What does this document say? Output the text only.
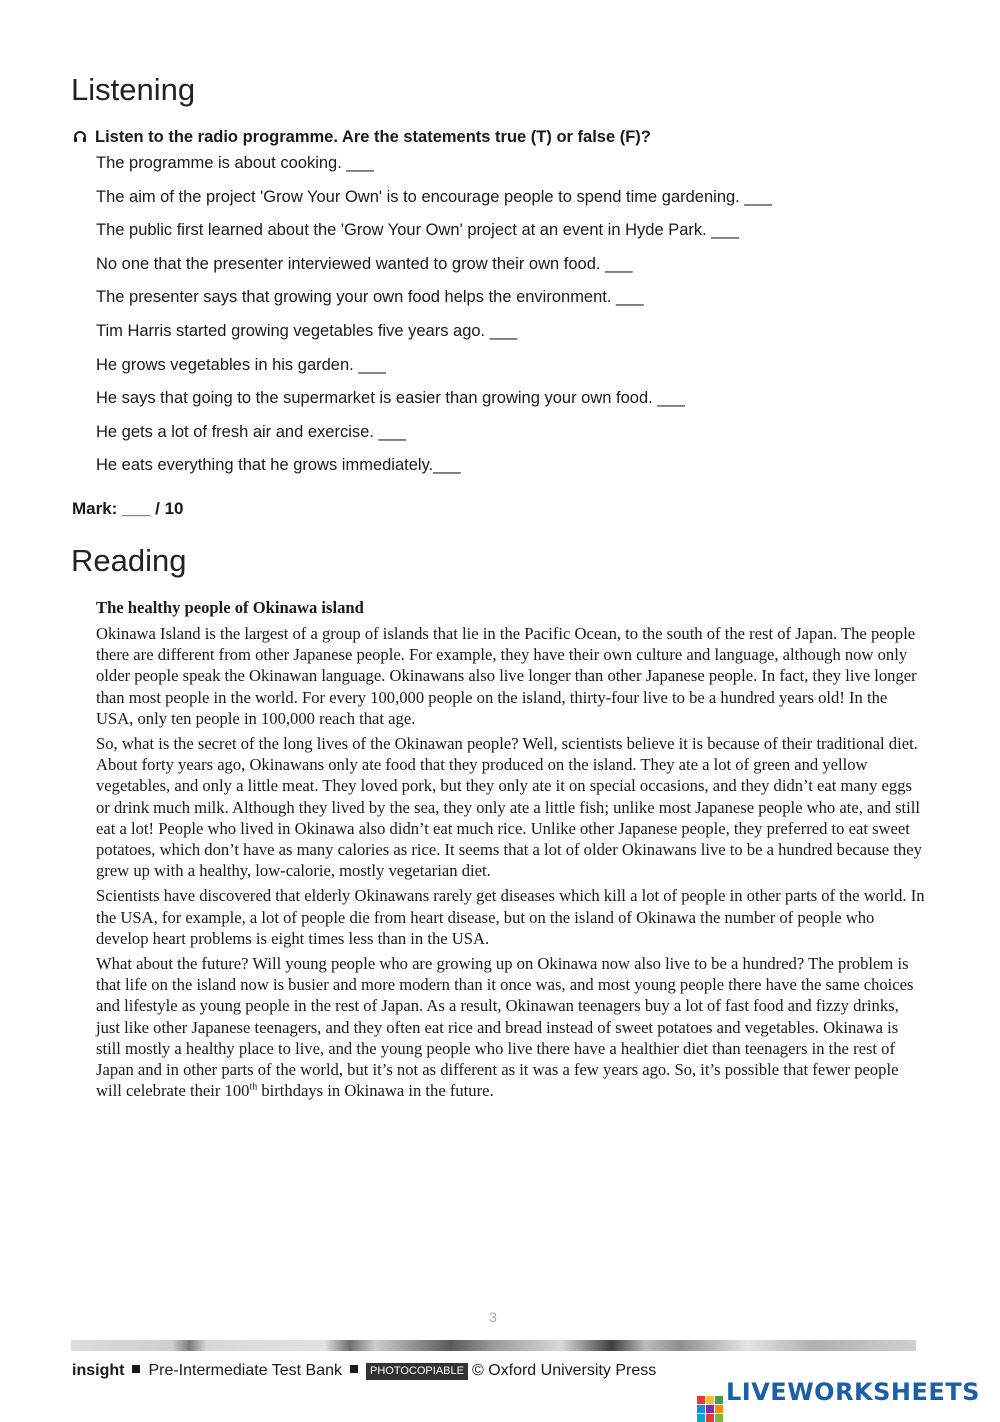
Listening
Listen to the radio programme. Are the statements true (T) or false (F)?
The programme is about cooking. ___
The aim of the project 'Grow Your Own' is to encourage people to spend time gardening. ___
The public first learned about the 'Grow Your Own' project at an event in Hyde Park. ___
No one that the presenter interviewed wanted to grow their own food. ___
The presenter says that growing your own food helps the environment. ___
Tim Harris started growing vegetables five years ago. ___
He grows vegetables in his garden. ___
He says that going to the supermarket is easier than growing your own food. ___
He gets a lot of fresh air and exercise. ___
He eats everything that he grows immediately.___
Mark: ___ / 10
Reading
The healthy people of Okinawa island

Okinawa Island is the largest of a group of islands that lie in the Pacific Ocean, to the south of the rest of Japan. The people there are different from other Japanese people. For example, they have their own culture and language, although now only older people speak the Okinawan language. Okinawans also live longer than other Japanese people. In fact, they live longer than most people in the world. For every 100,000 people on the island, thirty-four live to be a hundred years old! In the USA, only ten people in 100,000 reach that age.

So, what is the secret of the long lives of the Okinawan people? Well, scientists believe it is because of their traditional diet. About forty years ago, Okinawans only ate food that they produced on the island. They ate a lot of green and yellow vegetables, and only a little meat. They loved pork, but they only ate it on special occasions, and they didn’t eat many eggs or drink much milk. Although they lived by the sea, they only ate a little fish; unlike most Japanese people who ate, and still eat a lot! People who lived in Okinawa also didn’t eat much rice. Unlike other Japanese people, they preferred to eat sweet potatoes, which don’t have as many calories as rice. It seems that a lot of older Okinawans live to be a hundred because they grew up with a healthy, low-calorie, mostly vegetarian diet.

Scientists have discovered that elderly Okinawans rarely get diseases which kill a lot of people in other parts of the world. In the USA, for example, a lot of people die from heart disease, but on the island of Okinawa the number of people who develop heart problems is eight times less than in the USA.

What about the future? Will young people who are growing up on Okinawa now also live to be a hundred? The problem is that life on the island now is busier and more modern than it once was, and most young people there have the same choices and lifestyle as young people in the rest of Japan. As a result, Okinawan teenagers buy a lot of fast food and fizzy drinks, just like other Japanese teenagers, and they often eat rice and bread instead of sweet potatoes and vegetables. Okinawa is still mostly a healthy place to live, and the young people who live there have a healthier diet than teenagers in the rest of Japan and in other parts of the world, but it’s not as different as it was a few years ago. So, it’s possible that fewer people will celebrate their 100th birthdays in Okinawa in the future.

3
insight Pre-Intermediate Test Bank	PHOTOCOPIABLE © Oxford University Press
LIVEWORKSHEETS
